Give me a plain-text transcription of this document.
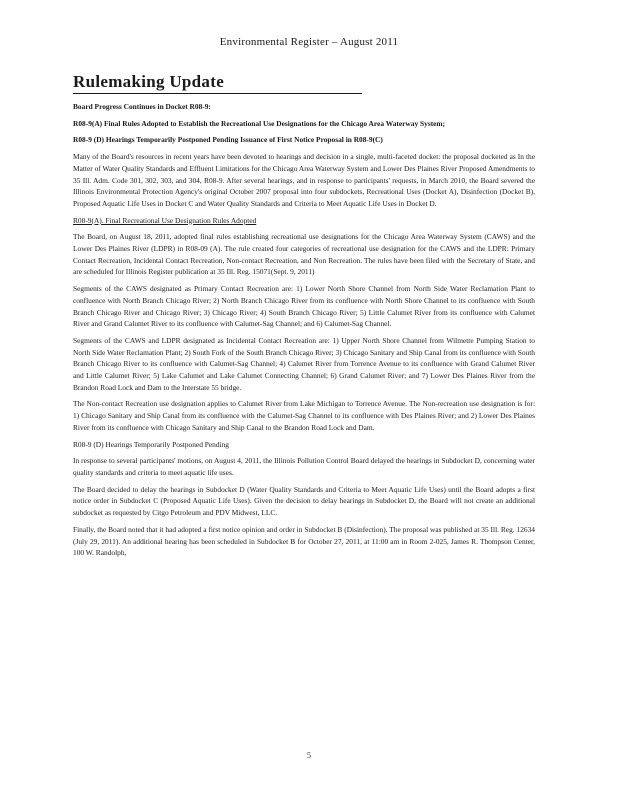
Environmental Register – August 2011
Rulemaking Update

Board Progress Continues in Docket R08-9:

R08-9(A) Final Rules Adopted to Establish the Recreational Use Designations for the Chicago Area Waterway System;

R08-9 (D) Hearings Temporarily Postponed Pending Issuance of First Notice Proposal in R08-9(C)

Many of the Board's resources in recent years have been devoted to hearings and decision in a single, multi-faceted docket: the proposal docketed as In the Matter of Water Quality Standards and Effluent Limitations for the Chicago Area Waterway System and Lower Des Plaines River Proposed Amendments to 35 Ill. Adm. Code 301, 302, 303, and 304, R08-9. After several hearings, and in response to participants' requests, in March 2010, the Board severed the Illinois Environmental Protection Agency's original October 2007 proposal into four subdockets, Recreational Uses (Docket A), Disinfection (Docket B), Proposed Aquatic Life Uses in Docket C and Water Quality Standards and Criteria to Meet Aquatic Life Uses in Docket D.

R08-9(A). Final Recreational Use Designation Rules Adopted

The Board, on August 18, 2011, adopted final rules establishing recreational use designations for the Chicago Area Waterway System (CAWS) and the Lower Des Plaines River (LDPR) in R08-09 (A). The rule created four categories of recreational use designation for the CAWS and the LDPR: Primary Contact Recreation, Incidental Contact Recreation, Non-contact Recreation, and Non Recreation. The rules have been filed with the Secretary of State, and are scheduled for Illinois Register publication at 35 Ill. Reg. 15071(Sept. 9, 2011)

Segments of the CAWS designated as Primary Contact Recreation are: 1) Lower North Shore Channel from North Side Water Reclamation Plant to confluence with North Branch Chicago River; 2) North Branch Chicago River from its confluence with North Shore Channel to its confluence with South Branch Chicago River and Chicago River; 3) Chicago River; 4) South Branch Chicago River; 5) Little Calumet River from its confluence with Calumet River and Grand Calumet River to its confluence with Calumet-Sag Channel; and 6) Calumet-Sag Channel.

Segments of the CAWS and LDPR designated as Incidental Contact Recreation are: 1) Upper North Shore Channel from Wilmette Pumping Station to North Side Water Reclamation Plant; 2) South Fork of the South Branch Chicago River; 3) Chicago Sanitary and Ship Canal from its confluence with South Branch Chicago River to its confluence with Calumet-Sag Channel; 4) Calumet River from Torrence Avenue to its confluence with Grand Calumet River and Little Calumet River; 5) Lake Calumet and Lake Calumet Connecting Channel; 6) Grand Calumet River; and 7) Lower Des Plaines River from the Brandon Road Lock and Dam to the Interstate 55 bridge.

The Non-contact Recreation use designation applies to Calumet River from Lake Michigan to Torrence Avenue. The Non-recreation use designation is for: 1) Chicago Sanitary and Ship Canal from its confluence with the Calumet-Sag Channel to its confluence with Des Plaines River; and 2) Lower Des Plaines River from its confluence with Chicago Sanitary and Ship Canal to the Brandon Road Lock and Dam.

R08-9 (D) Hearings Temporarily Postponed Pending

In response to several participants' motions, on August 4, 2011, the Illinois Pollution Control Board delayed the hearings in Subdocket D, concerning water quality standards and criteria to meet aquatic life uses.

The Board decided to delay the hearings in Subdocket D (Water Quality Standards and Criteria to Meet Aquatic Life Uses) until the Board adopts a first notice order in Subdocket C (Proposed Aquatic Life Uses). Given the decision to delay hearings in Subdocket D, the Board will not create an additional subdocket as requested by Citgo Petroleum and PDV Midwest, LLC.

Finally, the Board noted that it had adopted a first notice opinion and order in Subdocket B (Disinfection). The proposal was published at 35 Ill. Reg. 12634 (July 29, 2011). An additional hearing has been scheduled in Subdocket B for October 27, 2011, at 11:00 am in Room 2-025, James R. Thompson Center, 100 W. Randolph,

5
